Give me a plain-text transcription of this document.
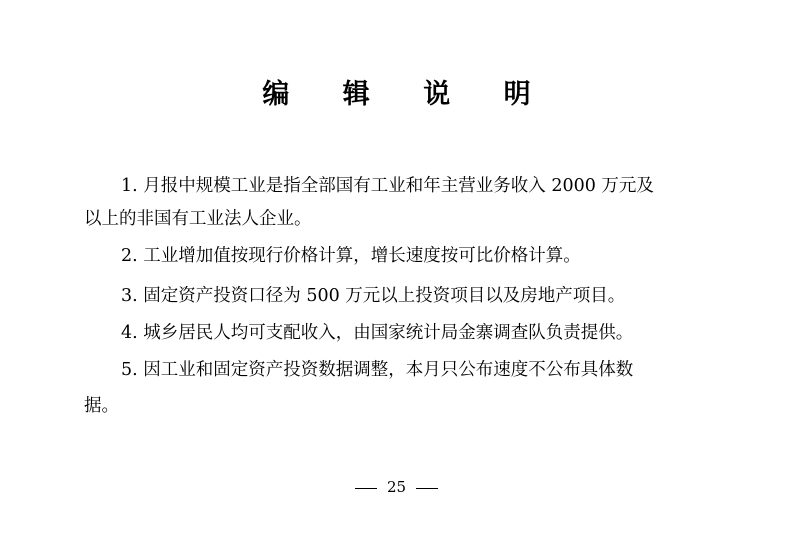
编 辑 说 明
1. 月报中规模工业是指全部国有工业和年主营业务收入 2000 万元及
以上的非国有工业法人企业。
2. 工业增加值按现行价格计算，增长速度按可比价格计算。
3. 固定资产投资口径为 500 万元以上投资项目以及房地产项目。
4. 城乡居民人均可支配收入，由国家统计局金寨调查队负责提供。
5. 因工业和固定资产投资数据调整，本月只公布速度不公布具体数
据。
25
